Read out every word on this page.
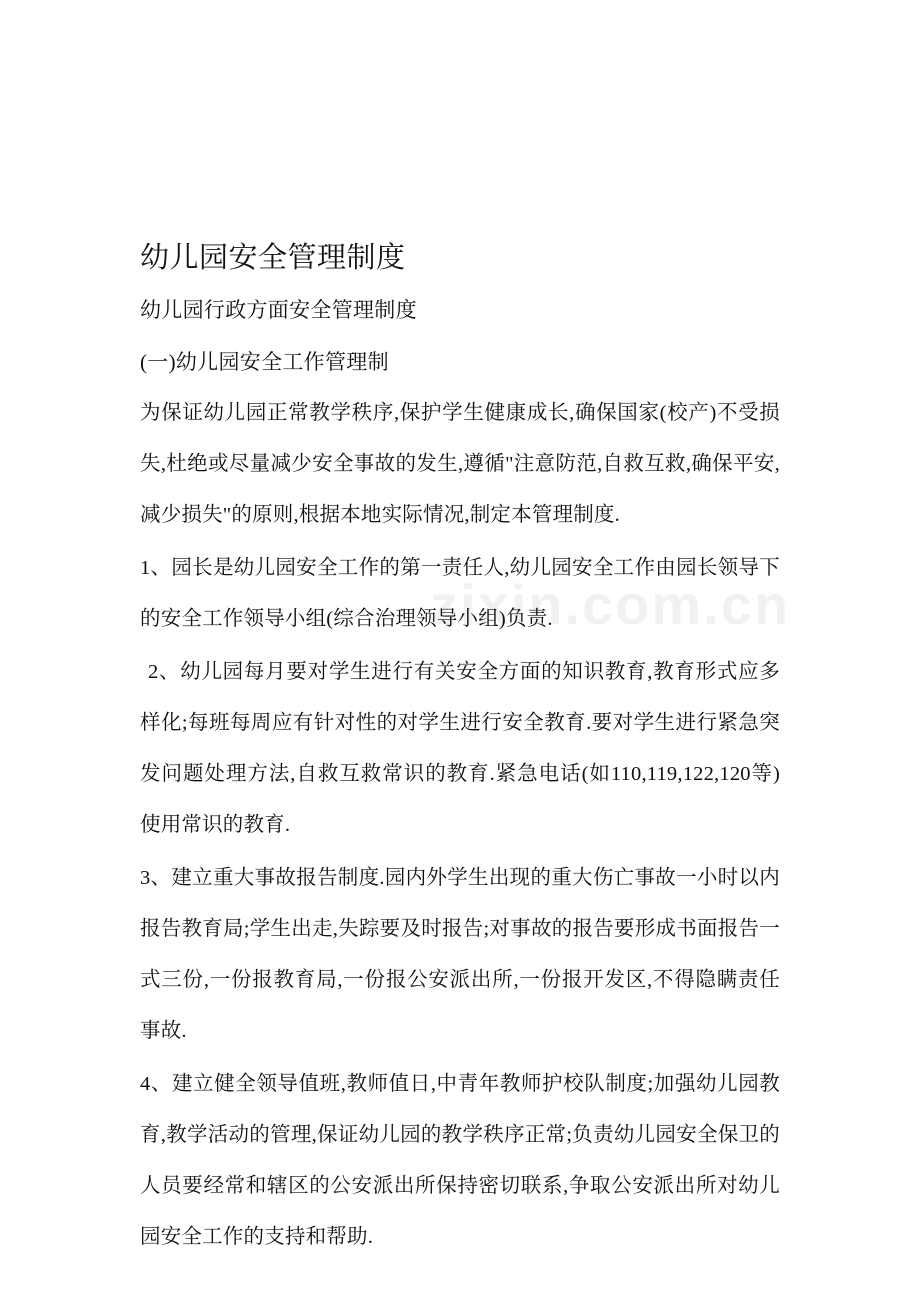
zixin.com.cn
幼儿园安全管理制度

幼儿园行政方面安全管理制度

(一)幼儿园安全工作管理制

为保证幼儿园正常教学秩序,保护学生健康成长,确保国家(校产)不受损失,杜绝或尽量减少安全事故的发生,遵循"注意防范,自救互救,确保平安,减少损失"的原则,根据本地实际情况,制定本管理制度.

1、园长是幼儿园安全工作的第一责任人,幼儿园安全工作由园长领导下的安全工作领导小组(综合治理领导小组)负责.

2、幼儿园每月要对学生进行有关安全方面的知识教育,教育形式应多样化;每班每周应有针对性的对学生进行安全教育.要对学生进行紧急突发问题处理方法,自救互救常识的教育.紧急电话(如110,119,122,120等)使用常识的教育.

3、建立重大事故报告制度.园内外学生出现的重大伤亡事故一小时以内报告教育局;学生出走,失踪要及时报告;对事故的报告要形成书面报告一式三份,一份报教育局,一份报公安派出所,一份报开发区,不得隐瞒责任事故.

4、建立健全领导值班,教师值日,中青年教师护校队制度;加强幼儿园教育,教学活动的管理,保证幼儿园的教学秩序正常;负责幼儿园安全保卫的人员要经常和辖区的公安派出所保持密切联系,争取公安派出所对幼儿园安全工作的支持和帮助.
